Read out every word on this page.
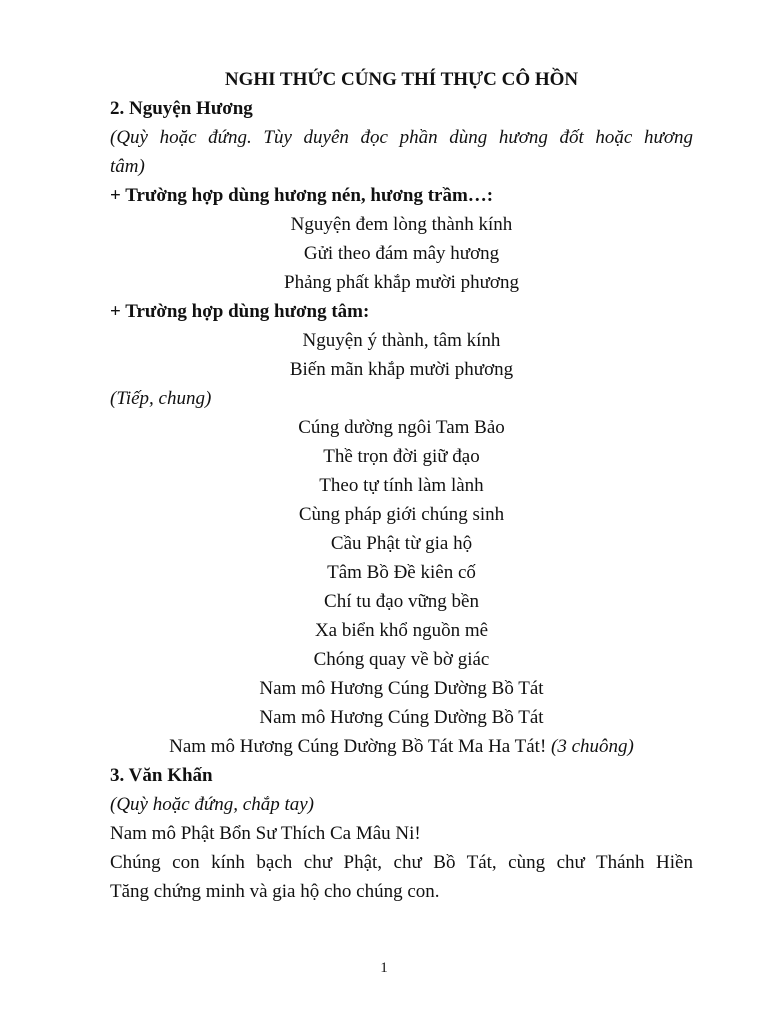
NGHI THỨC CÚNG THÍ THỰC CÔ HỒN
2. Nguyện Hương
(Quỳ hoặc đứng. Tùy duyên đọc phần dùng hương đốt hoặc hương
tâm)
+ Trường hợp dùng hương nén, hương trầm…:
Nguyện đem lòng thành kính
Gửi theo đám mây hương
Phảng phất khắp mười phương
+ Trường hợp dùng hương tâm:
Nguyện ý thành, tâm kính
Biến mãn khắp mười phương
(Tiếp, chung)
Cúng dường ngôi Tam Bảo
Thề trọn đời giữ đạo
Theo tự tính làm lành
Cùng pháp giới chúng sinh
Cầu Phật từ gia hộ
Tâm Bồ Đề kiên cố
Chí tu đạo vững bền
Xa biển khổ nguồn mê
Chóng quay về bờ giác
Nam mô Hương Cúng Dường Bồ Tát
Nam mô Hương Cúng Dường Bồ Tát
Nam mô Hương Cúng Dường Bồ Tát Ma Ha Tát! (3 chuông)
3. Văn Khấn
(Quỳ hoặc đứng, chắp tay)
Nam mô Phật Bổn Sư Thích Ca Mâu Ni!
Chúng con kính bạch chư Phật, chư Bồ Tát, cùng chư Thánh Hiền
Tăng chứng minh và gia hộ cho chúng con.
1
